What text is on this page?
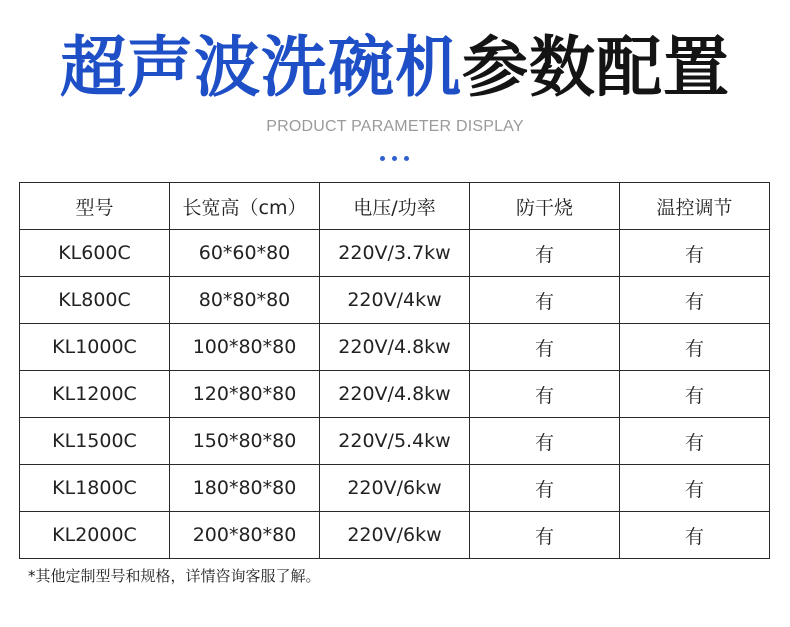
超声波洗碗机参数配置
PRODUCT PARAMETER DISPLAY
型号	长宽高（cm）	电压/功率	防干烧	温控调节
KL600C	60*60*80	220V/3.7kw	有	有
KL800C	80*80*80	220V/4kw	有	有
KL1000C	100*80*80	220V/4.8kw	有	有
KL1200C	120*80*80	220V/4.8kw	有	有
KL1500C	150*80*80	220V/5.4kw	有	有
KL1800C	180*80*80	220V/6kw	有	有
KL2000C	200*80*80	220V/6kw	有	有
*其他定制型号和规格，详情咨询客服了解。
